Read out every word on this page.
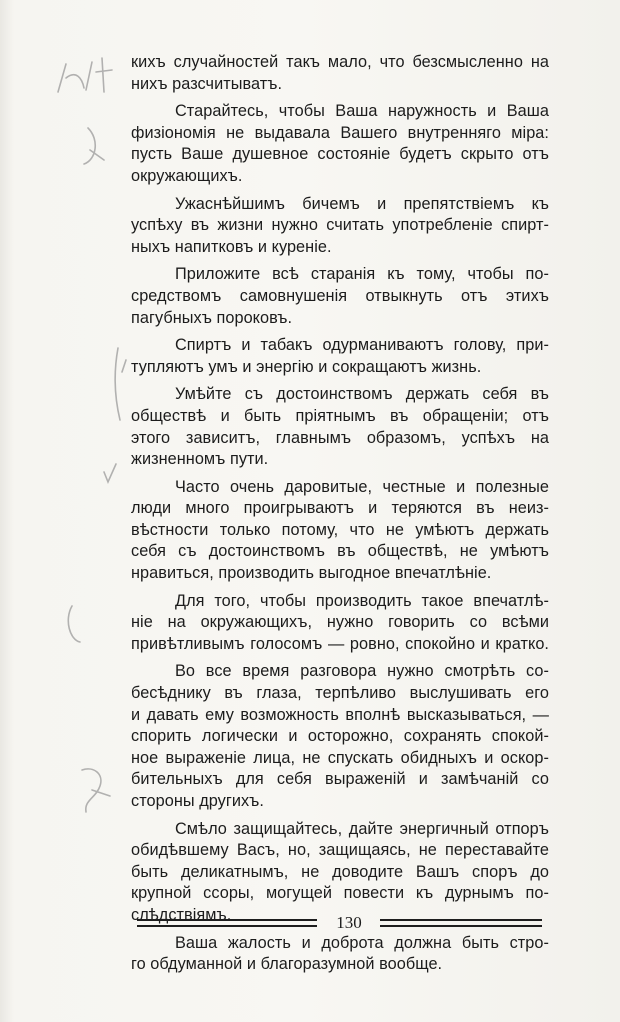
кихъ случайностей такъ мало, что безсмысленно на
нихъ разсчитыватъ.
Старайтесь, чтобы Ваша наружность и Ваша
физіономія не выдавала Вашего внутренняго міра:
пусть Ваше душевное состояніе будетъ скрыто отъ
окружающихъ.
Ужаснѣйшимъ бичемъ и препятствіемъ къ
успѣху въ жизни нужно считать употребленіе спирт-
ныхъ напитковъ и куреніе.
Приложите всѣ старанія къ тому, чтобы по-
средствомъ самовнушенія отвыкнуть отъ этихъ
пагубныхъ пороковъ.
Спиртъ и табакъ одурманиваютъ голову, при-
тупляютъ умъ и энергію и сокращаютъ жизнь.
Умѣйте съ достоинствомъ держать себя въ
обществѣ и быть пріятнымъ въ обращеніи; отъ
этого зависитъ, главнымъ образомъ, успѣхъ на
жизненномъ пути.
Часто очень даровитые, честные и полезные
люди много проигрываютъ и теряются въ неиз-
вѣстности только потому, что не умѣютъ держать
себя съ достоинствомъ въ обществѣ, не умѣютъ
нравиться, производить выгодное впечатлѣніе.
Для того, чтобы производить такое впечатлѣ-
ніе на окружающихъ, нужно говорить со всѣми
привѣтливымъ голосомъ — ровно, спокойно и кратко.
Во все время разговора нужно смотрѣть со-
бесѣднику въ глаза, терпѣливо выслушивать его
и давать ему возможность вполнѣ высказываться, —
спорить логически и осторожно, сохранять спокой-
ное выраженіе лица, не спускать обидныхъ и оскор-
бительныхъ для себя выраженій и замѣчаній со
стороны другихъ.
Смѣло защищайтесь, дайте энергичный отпоръ
обидѣвшему Васъ, но, защищаясь, не переставайте
быть деликатнымъ, не доводите Вашъ споръ до
крупной ссоры, могущей повести къ дурнымъ по-
слѣдствіямъ.
Ваша жалость и доброта должна быть стро-
го обдуманной и благоразумной вообще.
130
